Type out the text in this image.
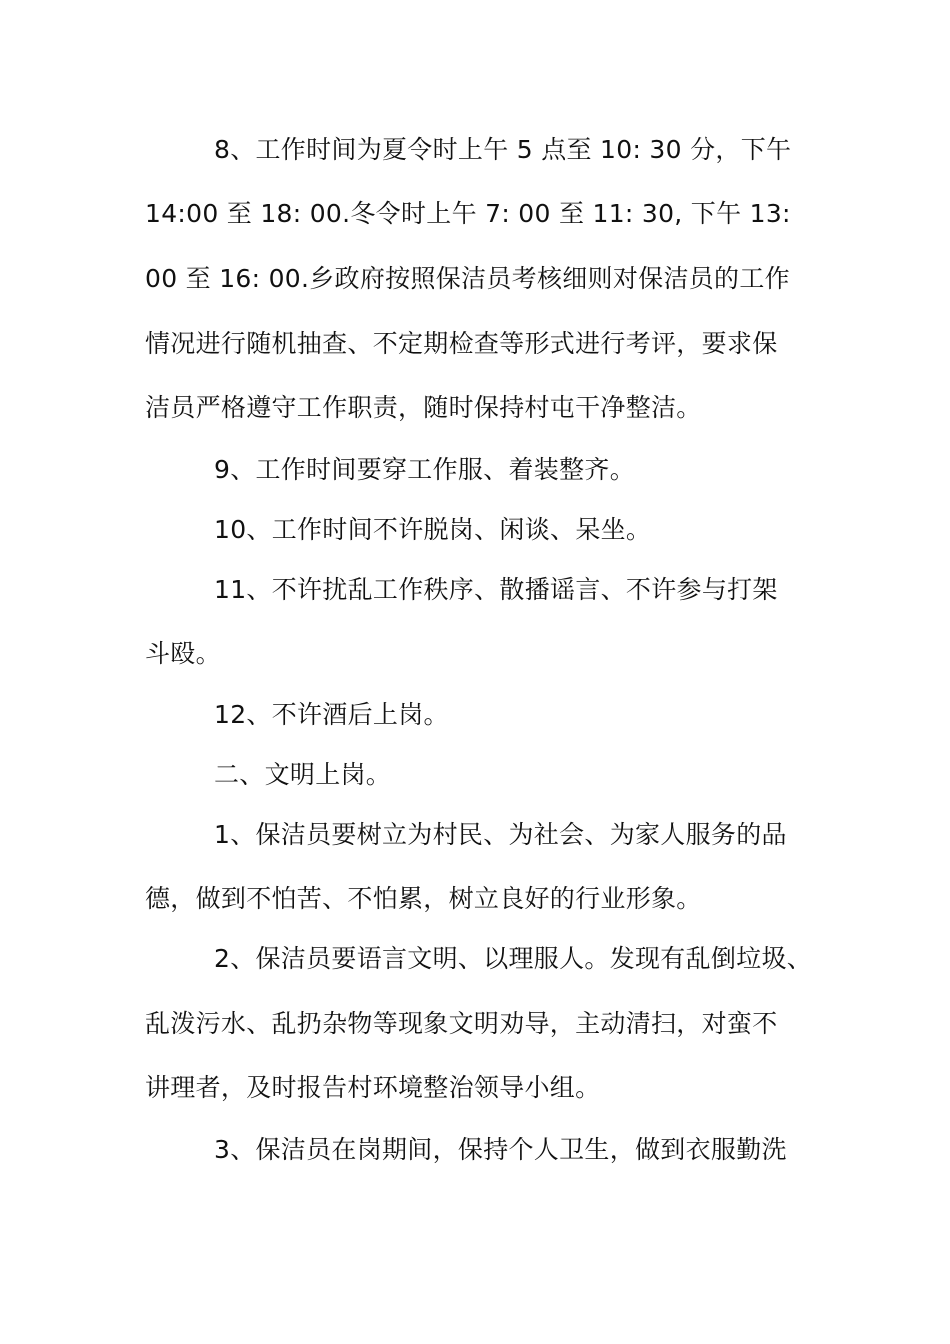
8、工作时间为夏令时上午 5 点至 10: 30 分，下午
14:00 至 18: 00.冬令时上午 7: 00 至 11: 30, 下午 13:
00 至 16: 00.乡政府按照保洁员考核细则对保洁员的工作
情况进行随机抽查、不定期检查等形式进行考评，要求保
洁员严格遵守工作职责，随时保持村屯干净整洁。
9、工作时间要穿工作服、着装整齐。
10、工作时间不许脱岗、闲谈、呆坐。
11、不许扰乱工作秩序、散播谣言、不许参与打架
斗殴。
12、不许酒后上岗。
二、文明上岗。
1、保洁员要树立为村民、为社会、为家人服务的品
德，做到不怕苦、不怕累，树立良好的行业形象。
2、保洁员要语言文明、以理服人。发现有乱倒垃圾、
乱泼污水、乱扔杂物等现象文明劝导，主动清扫，对蛮不
讲理者，及时报告村环境整治领导小组。
3、保洁员在岗期间，保持个人卫生，做到衣服勤洗
